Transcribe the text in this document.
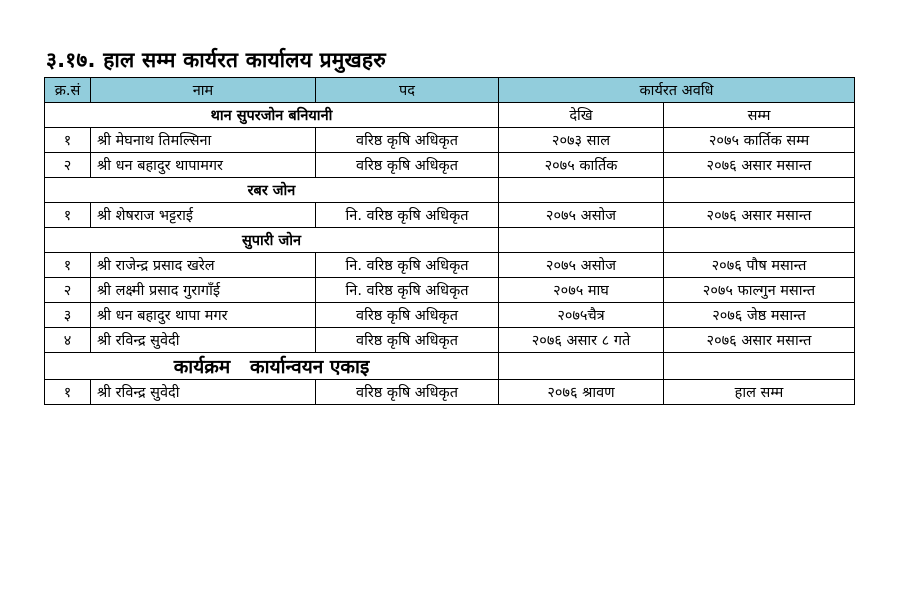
३.१७. हाल सम्म कार्यरत कार्यालय प्रमुखहरु
क्र.सं	नाम	पद	कार्यरत अवधि	
थान सुपरजोन बनियानी			देखि	सम्म
१	श्री मेघनाथ तिमल्सिना	वरिष्ठ कृषि अधिकृत	२०७३ साल	२०७५ कार्तिक सम्म
२	श्री धन बहादुर थापामगर	वरिष्ठ कृषि अधिकृत	२०७५ कार्तिक	२०७६ असार मसान्त
रबर जोन				
१	श्री शेषराज भट्टराई	नि. वरिष्ठ कृषि अधिकृत	२०७५ असोज	२०७६ असार मसान्त
सुपारी जोन				
१	श्री राजेन्द्र प्रसाद खरेल	नि. वरिष्ठ कृषि अधिकृत	२०७५ असोज	२०७६ पौष मसान्त
२	श्री लक्ष्मी प्रसाद गुरागाँई	नि. वरिष्ठ कृषि अधिकृत	२०७५ माघ	२०७५ फाल्गुन मसान्त
३	श्री धन बहादुर थापा मगर	वरिष्ठ कृषि अधिकृत	२०७५चैत्र	२०७६ जेष्ठ मसान्त
४	श्री रविन्द्र सुवेदी	वरिष्ठ कृषि अधिकृत	२०७६ असार ८ गते	२०७६ असार मसान्त
कार्यक्रम   कार्यान्वयन एकाइ				
१	श्री रविन्द्र सुवेदी	वरिष्ठ कृषि अधिकृत	२०७६ श्रावण	हाल सम्म
